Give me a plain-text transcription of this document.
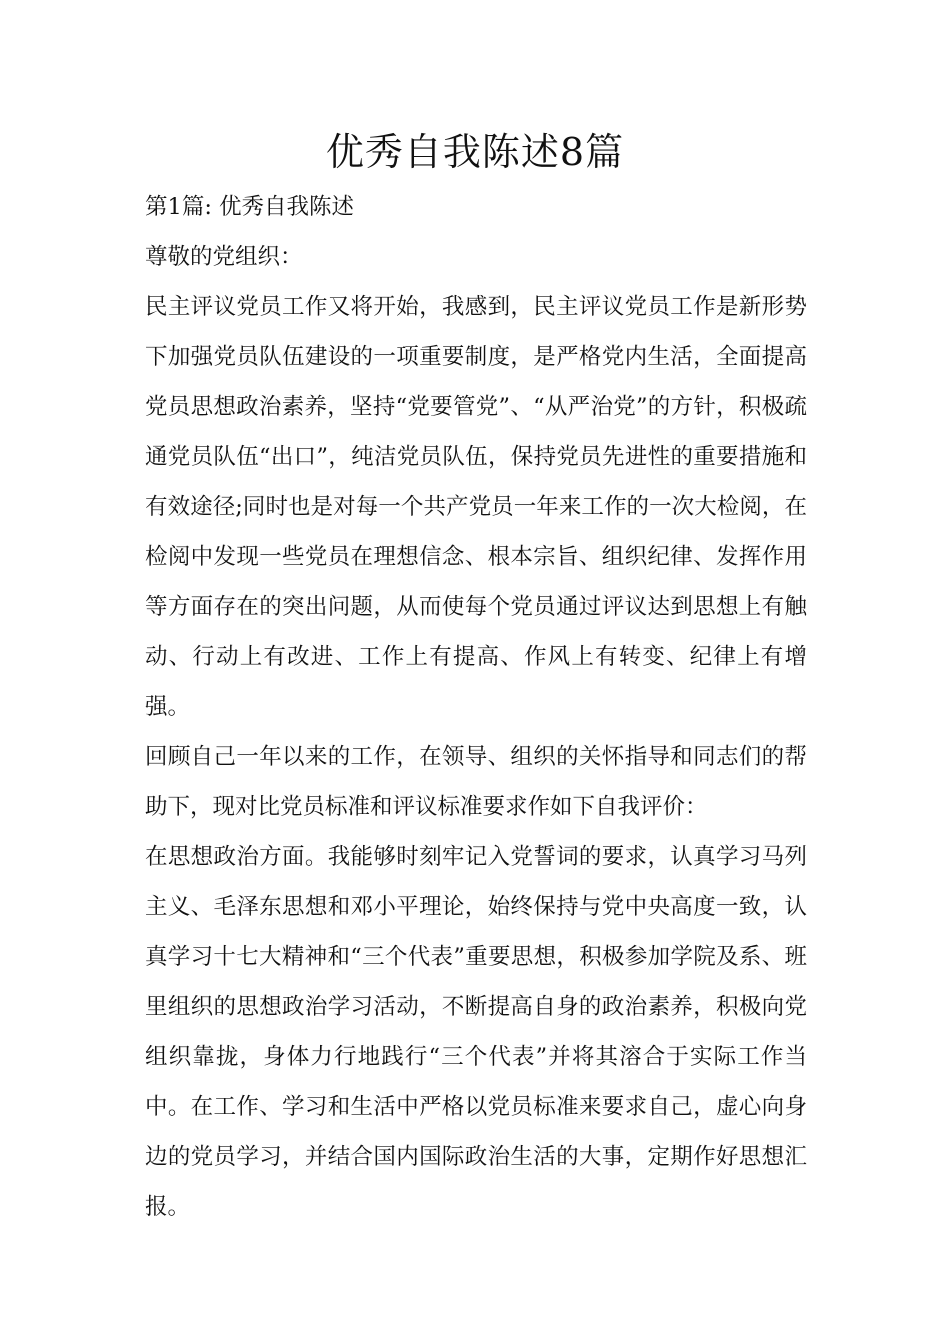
优秀自我陈述8篇

第1篇: 优秀自我陈述

尊敬的党组织：

民主评议党员工作又将开始，我感到，民主评议党员工作是新形势下加强党员队伍建设的一项重要制度，是严格党内生活，全面提高党员思想政治素养，坚持“党要管党”、“从严治党”的方针，积极疏通党员队伍“出口”，纯洁党员队伍，保持党员先进性的重要措施和有效途径;同时也是对每一个共产党员一年来工作的一次大检阅，在检阅中发现一些党员在理想信念、根本宗旨、组织纪律、发挥作用等方面存在的突出问题，从而使每个党员通过评议达到思想上有触动、行动上有改进、工作上有提高、作风上有转变、纪律上有增强。

回顾自己一年以来的工作，在领导、组织的关怀指导和同志们的帮助下，现对比党员标准和评议标准要求作如下自我评价：

在思想政治方面。我能够时刻牢记入党誓词的要求，认真学习马列主义、毛泽东思想和邓小平理论，始终保持与党中央高度一致，认真学习十七大精神和“三个代表”重要思想，积极参加学院及系、班里组织的思想政治学习活动，不断提高自身的政治素养，积极向党组织靠拢，身体力行地践行“三个代表”并将其溶合于实际工作当中。在工作、学习和生活中严格以党员标准来要求自己，虚心向身边的党员学习，并结合国内国际政治生活的大事，定期作好思想汇报。
